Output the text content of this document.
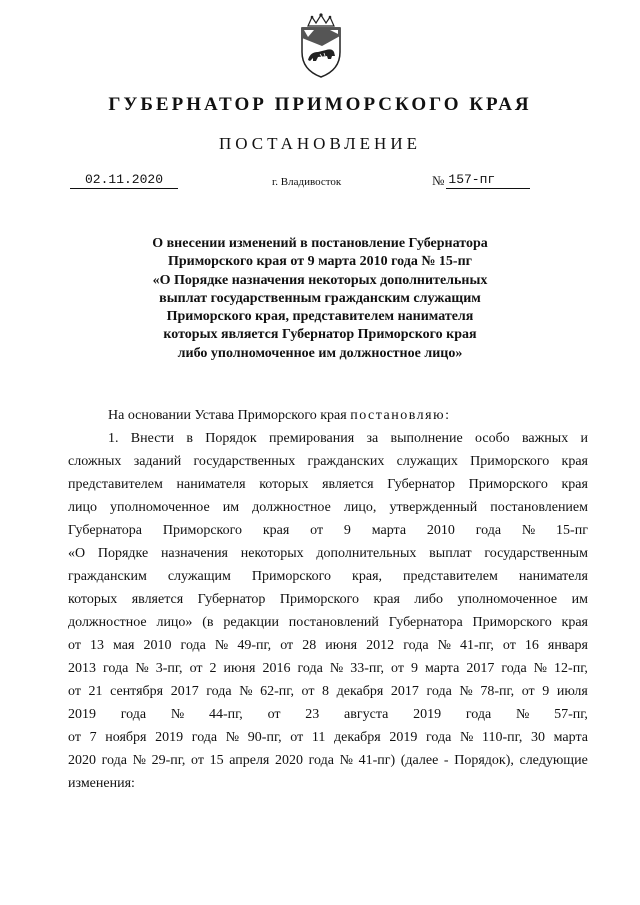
ГУБЕРНАТОР ПРИМОРСКОГО КРАЯ
ПОСТАНОВЛЕНИЕ
02.11.2020	г. Владивосток	№ 157-пг
О внесении изменений в постановление Губернатора
Приморского края от 9 марта 2010 года № 15-пг
«О Порядке назначения некоторых дополнительных
выплат государственным гражданским служащим
Приморского края, представителем нанимателя
которых является Губернатор Приморского края
либо уполномоченное им должностное лицо»
На основании Устава Приморского края
постановляю:
1. Внести в Порядок премирования за выполнение особо важных и
сложных заданий государственных гражданских служащих Приморского края
представителем нанимателя которых является Губернатор Приморского края
лицо уполномоченное им должностное лицо, утвержденный постановлением
Губернатора Приморского края от 9 марта 2010 года № 15-пг
«О Порядке назначения некоторых дополнительных выплат государственным
гражданским служащим Приморского края, представителем нанимателя
которых является Губернатор Приморского края либо уполномоченное им
должностное лицо» (в редакции постановлений Губернатора Приморского края
от 13 мая 2010 года № 49-пг, от 28 июня 2012 года № 41-пг, от 16 января
2013 года № 3-пг, от 2 июня 2016 года № 33-пг, от 9 марта 2017 года № 12-пг,
от 21 сентября 2017 года № 62-пг, от 8 декабря 2017 года № 78-пг, от 9 июля
2019 года № 44-пг, от 23 августа 2019 года № 57-пг,
от 7 ноября 2019 года № 90-пг, от 11 декабря 2019 года № 110-пг, 30 марта
2020 года № 29-пг, от 15 апреля 2020 года № 41-пг) (далее - Порядок), следующие
изменения:
